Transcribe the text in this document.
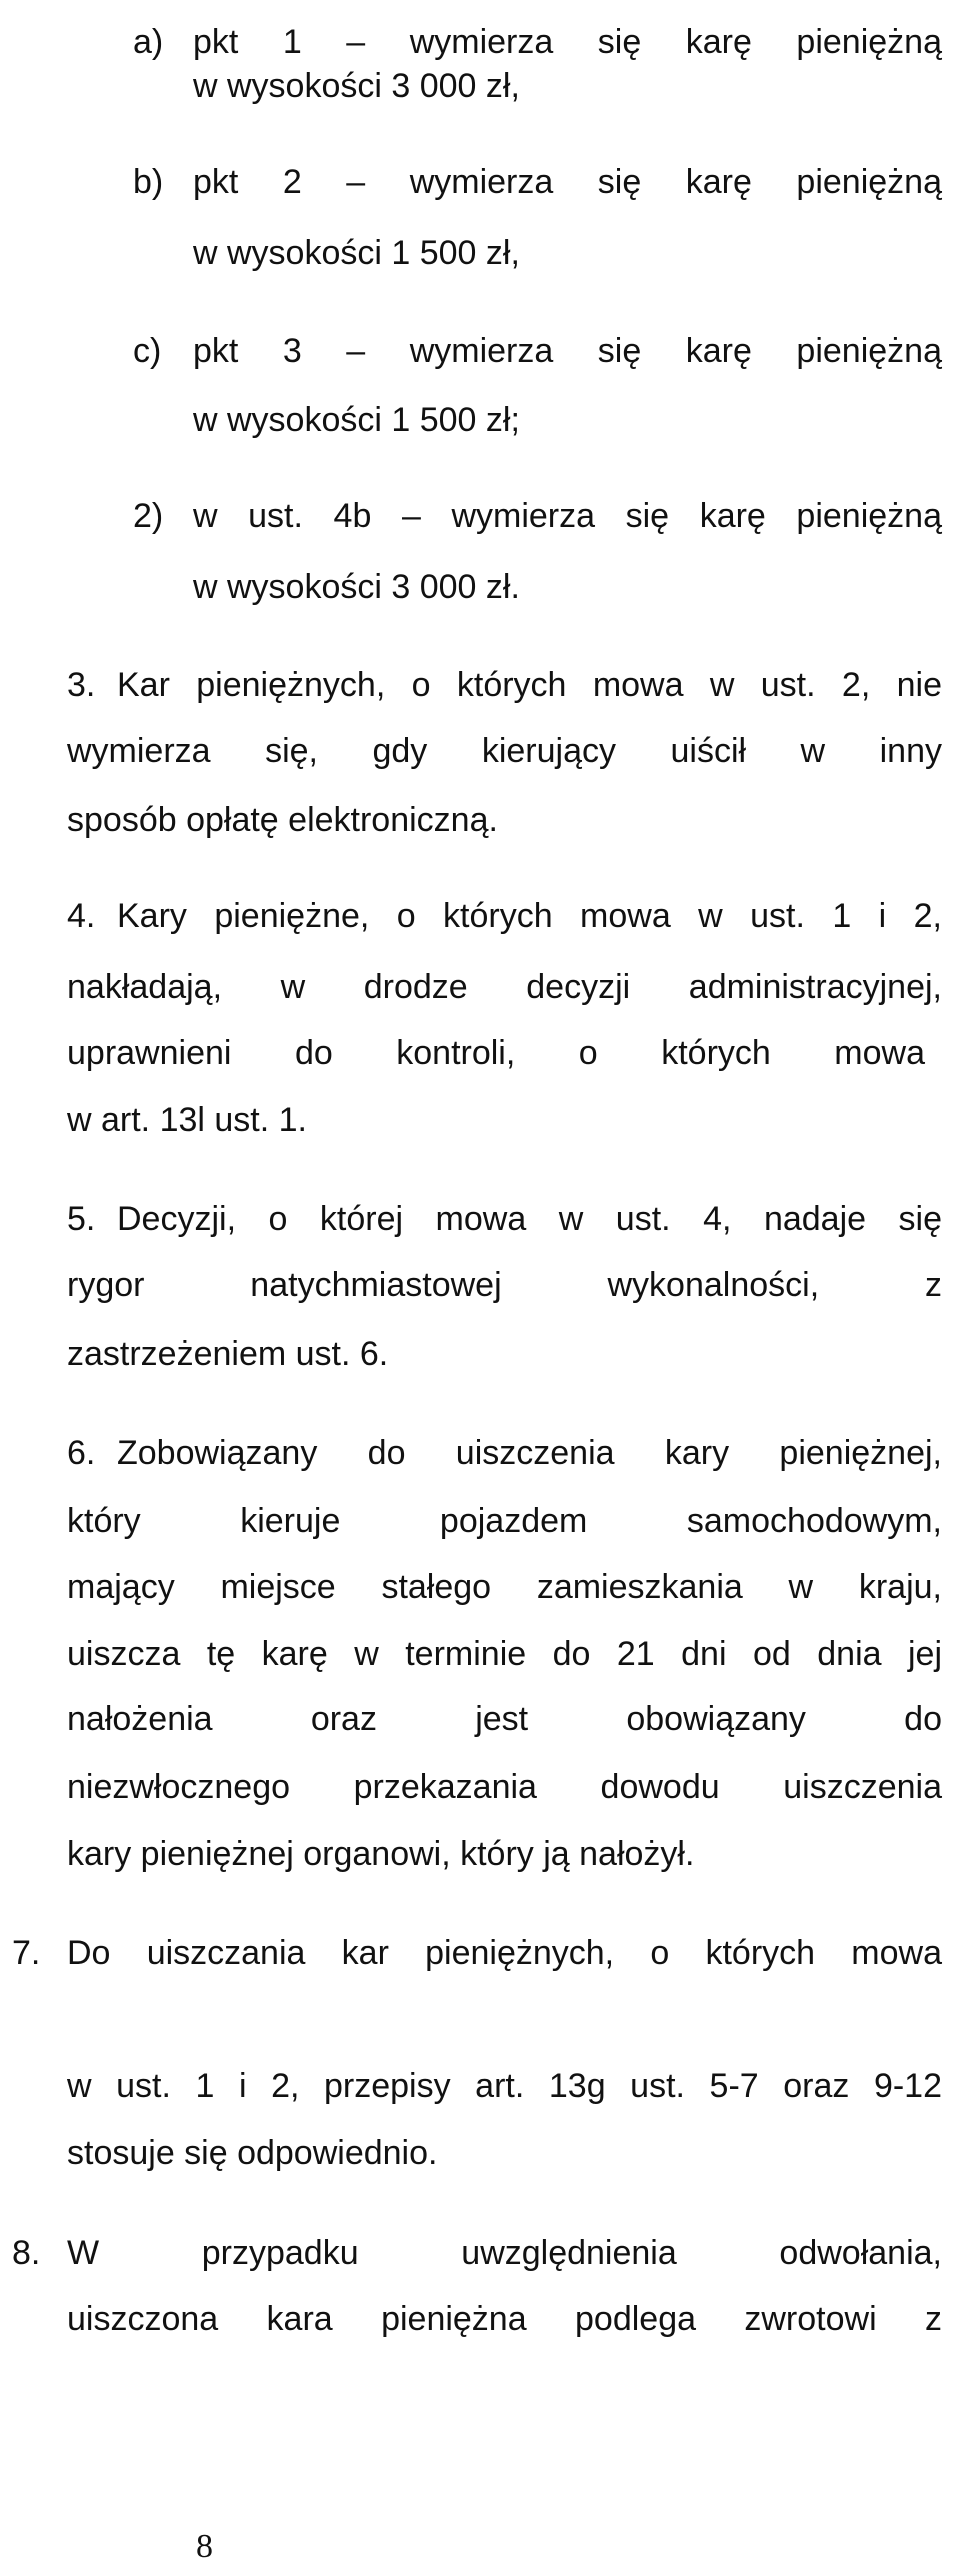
a) pkt 1 – wymierza się karę pieniężną
w wysokości 3 000 zł,
b) pkt 2 – wymierza się karę pieniężną
w wysokości 1 500 zł,
c) pkt 3 – wymierza się karę pieniężną
w wysokości 1 500 zł;
2) w ust. 4b – wymierza się karę pieniężną
w wysokości 3 000 zł.
3. Kar pieniężnych, o których mowa w ust. 2, nie
wymierza się, gdy kierujący uiścił w inny
sposób opłatę elektroniczną.
4. Kary pieniężne, o których mowa w ust. 1 i 2,
nakładają, w drodze decyzji administracyjnej,
uprawnieni do kontroli, o których mowa
w art. 13l ust. 1.
5. Decyzji, o której mowa w ust. 4, nadaje się
rygor natychmiastowej wykonalności, z
zastrzeżeniem ust. 6.
6. Zobowiązany do uiszczenia kary pieniężnej,
który kieruje pojazdem samochodowym,
mający miejsce stałego zamieszkania w kraju,
uiszcza tę karę w terminie do 21 dni od dnia jej
nałożenia oraz jest obowiązany do
niezwłocznego przekazania dowodu uiszczenia
kary pieniężnej organowi, który ją nałożył.
7. Do uiszczania kar pieniężnych, o których mowa
w ust. 1 i 2, przepisy art. 13g ust. 5-7 oraz 9-12
stosuje się odpowiednio.
8. W przypadku uwzględnienia odwołania,
uiszczona kara pieniężna podlega zwrotowi z
8
